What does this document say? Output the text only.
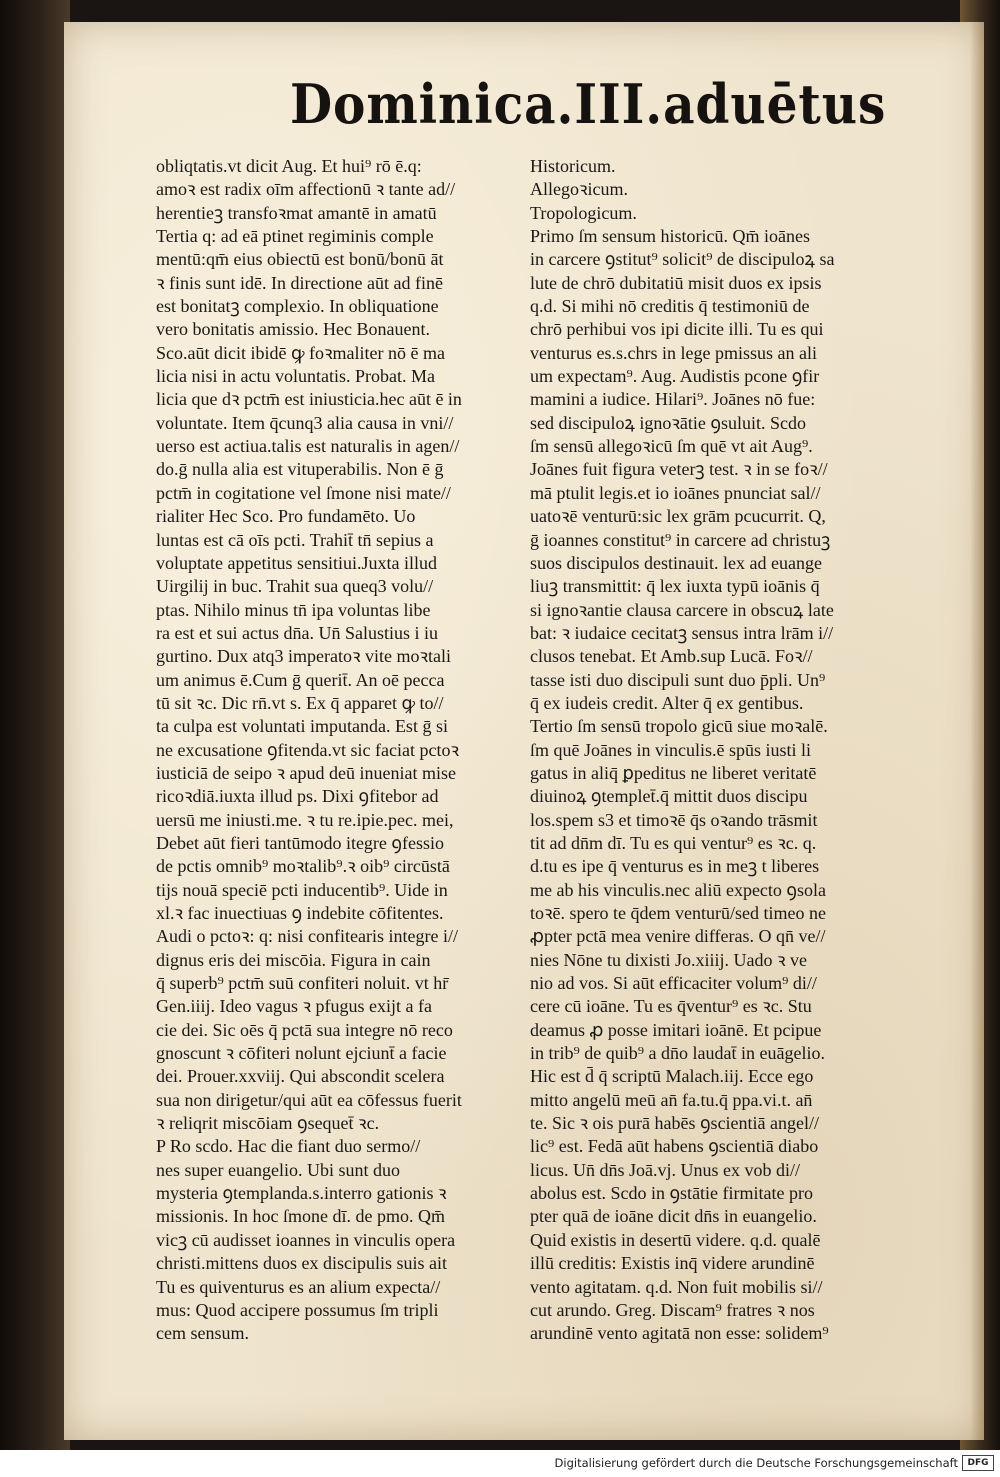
Dominica.III.aduētus
obliqtatis.vt dicit Aug. Et hui⁹ rō ē.q:
amoꝛ est radix oīm affectionū ꝛ tante ad//
herentieꝫ transfoꝛmat amantē in amatū
Tertia q: ad eā ptinet regiminis comple
mentū:qm̄ eius obiectū est bonū/bonū āt
ꝛ finis sunt idē. In directione aūt ad finē
est bonitatꝫ complexio. In obliquatione
vero bonitatis amissio. Hec Bonauent.
Sco.aūt dicit ibidē ꝙ foꝛmaliter nō ē ma
licia nisi in actu voluntatis. Probat. Ma
licia que dꝛ pctm̄ est iniusticia.hec aūt ē in
voluntate. Item q̄cunq3 alia causa in vni//
uerso est actiua.talis est naturalis in agen//
do.ḡ nulla alia est vituperabilis. Non ē ḡ
pctm̄ in cogitatione vel ſmone nisi mate//
rialiter Hec Sco. Pro fundamēto. Uo
luntas est cā oīs pcti. Trahit̄ tn̄ sepius a
voluptate appetitus sensitiui.Juxta illud
Uirgilij in buc. Trahit sua queq3 volu//
ptas. Nihilo minus tn̄ ipa voluntas libe
ra est et sui actus dn̄a. Un̄ Salustius i iu
gurtino. Dux atq3 imperatoꝛ vite moꝛtali
um animus ē.Cum ḡ querit̄. An oē pecca
tū sit ꝛc. Dic rn̄.vt s. Ex q̄ apparet ꝙ to//
ta culpa est voluntati imputanda. Est ḡ si
ne excusatione ꝯfitenda.vt sic faciat pctoꝛ
iusticiā de seipo ꝛ apud deū inueniat mise
ricoꝛdiā.iuxta illud ps. Dixi ꝯfitebor ad
uersū me iniusti.me. ꝛ tu re.ipie.pec. mei,
Debet aūt fieri tantūmodo itegre ꝯfessio
de pctis omnib⁹ moꝛtalib⁹.ꝛ oib⁹ circūstā
tijs nouā speciē pcti inducentib⁹. Uide in
xl.ꝛ fac inuectiuas ꝯ indebite cōfitentes.
Audi o pctoꝛ: q: nisi confitearis integre i//
dignus eris dei miscōia. Figura in cain
q̄ superb⁹ pctm̄ suū confiteri noluit. vt hr̄
Gen.iiij. Ideo vagus ꝛ pfugus exijt a fa
cie dei. Sic oēs q̄ pctā sua integre nō reco
gnoscunt ꝛ cōfiteri nolunt ejciunt̄ a facie
dei. Prouer.xxviij. Qui abscondit scelera
sua non dirigetur/qui aūt ea cōfessus fuerit
ꝛ reliqrit miscōiam ꝯsequet̄ ꝛc.
P Ro scdo. Hac die fiant duo sermo//
nes super euangelio. Ubi sunt duo
mysteria ꝯtemplanda.s.interro gationis ꝛ
missionis. In hoc ſmone dī. de pmo. Qm̄
vicꝫ cū audisset ioannes in vinculis opera
christi.mittens duos ex discipulis suis ait
Tu es quiventurus es an alium expecta//
mus: Quod accipere possumus ſm tripli
cem sensum.
Historicum.
Allegoꝛicum.
Tropologicum.
Primo ſm sensum historicū. Qm̄ ioānes
in carcere ꝯstitut⁹ solicit⁹ de discipuloꝝ sa
lute de chrō dubitatiū misit duos ex ipsis
q.d. Si mihi nō creditis q̄ testimoniū de
chrō perhibui vos ipi dicite illi. Tu es qui
venturus es.s.chrs in lege pmissus an ali
um expectam⁹. Aug. Audistis pcone ꝯfir
mamini a iudice. Hilari⁹. Joānes nō fue:
sed discipuloꝝ ignoꝛātie ꝯsuluit. Scdo
ſm sensū allegoꝛicū ſm quē vt ait Aug⁹.
Joānes fuit figura veterꝫ test. ꝛ in se foꝛ//
mā ptulit legis.et io ioānes pnunciat sal//
uatoꝛē venturū:sic lex grām pcucurrit. Q,
ḡ ioannes constitut⁹ in carcere ad christuꝫ
suos discipulos destinauit. lex ad euange
liuꝫ transmittit: q̄ lex iuxta typū ioānis q̄
si ignoꝛantie clausa carcere in obscuꝝ late
bat: ꝛ iudaice cecitatꝫ sensus intra lrām i//
clusos tenebat. Et Amb.sup Lucā. Foꝛ//
tasse isti duo discipuli sunt duo p̄pli. Un⁹
q̄ ex iudeis credit. Alter q̄ ex gentibus.
Tertio ſm sensū tropolo gicū siue moꝛalē.
ſm quē Joānes in vinculis.ē spūs iusti li
gatus in aliq̄ ꝑpeditus ne liberet veritatē
diuinoꝝ ꝯtemplet̄.q̄ mittit duos discipu
los.spem s3 et timoꝛē q̄s oꝛando trāsmit
tit ad dn̄m dī. Tu es qui ventur⁹ es ꝛc. q.
d.tu es ipe q̄ venturus es in meꝫ t liberes
me ab his vinculis.nec aliū expecto ꝯsola
toꝛē. spero te q̄dem venturū/sed timeo ne
ꝓpter pctā mea venire differas. O qn̄ ve//
nies Nōne tu dixisti Jo.xiiij. Uado ꝛ ve
nio ad vos. Si aūt efficaciter volum⁹ di//
cere cū ioāne. Tu es q̄ventur⁹ es ꝛc. Stu
deamus ꝓ posse imitari ioānē. Et pcipue
in trib⁹ de quib⁹ a dn̄o laudat̄ in euāgelio.
Hic est d̄ q̄ scriptū Malach.iij. Ecce ego
mitto angelū meū an̄ fa.tu.q̄ ppa.vi.t. an̄
te. Sic ꝛ ois purā habēs ꝯscientiā angel//
lic⁹ est. Fedā aūt habens ꝯscientiā diabo
licus. Un̄ dn̄s Joā.vj. Unus ex vob di//
abolus est. Scdo in ꝯstātie firmitate pro
pter quā de ioāne dicit dn̄s in euangelio.
Quid existis in desertū videre. q.d. qualē
illū creditis: Existis inq̄ videre arundinē
vento agitatam. q.d. Non fuit mobilis si//
cut arundo. Greg. Discam⁹ fratres ꝛ nos
arundinē vento agitatā non esse: solidem⁹
Digitalisierung gefördert durch die Deutsche Forschungsgemeinschaft	DFG
